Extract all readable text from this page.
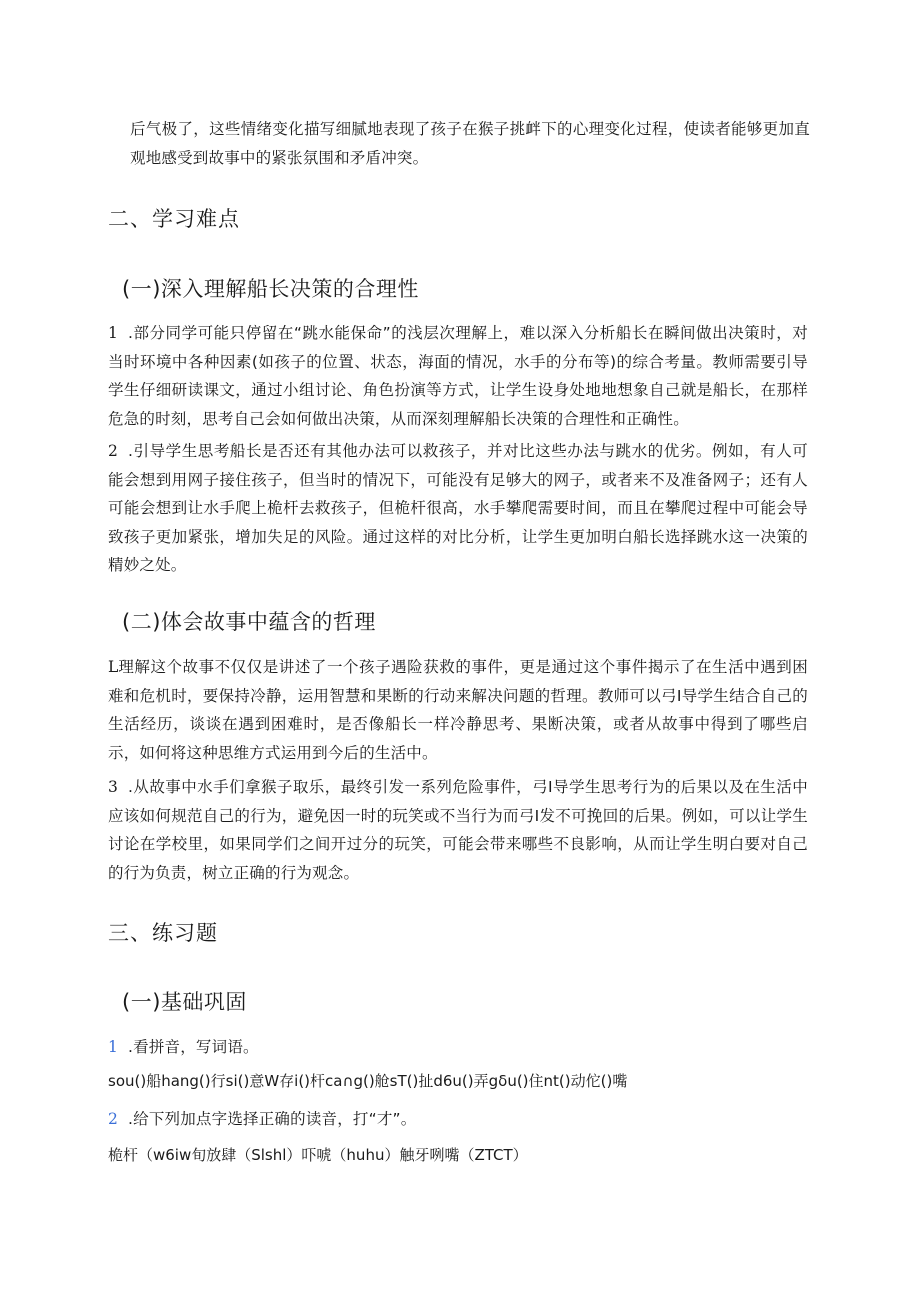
后气极了，这些情绪变化描写细腻地表现了孩子在猴子挑衅下的心理变化过程，使读者能够更加直观地感受到故事中的紧张氛围和矛盾冲突。
二、学习难点
(一)深入理解船长决策的合理性
1 .部分同学可能只停留在“跳水能保命”的浅层次理解上，难以深入分析船长在瞬间做出决策时，对当时环境中各种因素(如孩子的位置、状态，海面的情况，水手的分布等)的综合考量。教师需要引导学生仔细研读课文，通过小组讨论、角色扮演等方式，让学生设身处地地想象自己就是船长，在那样危急的时刻，思考自己会如何做出决策，从而深刻理解船长决策的合理性和正确性。
2 .引导学生思考船长是否还有其他办法可以救孩子，并对比这些办法与跳水的优劣。例如，有人可能会想到用网子接住孩子，但当时的情况下，可能没有足够大的网子，或者来不及准备网子；还有人可能会想到让水手爬上桅杆去救孩子，但桅杆很高，水手攀爬需要时间，而且在攀爬过程中可能会导致孩子更加紧张，增加失足的风险。通过这样的对比分析，让学生更加明白船长选择跳水这一决策的精妙之处。
(二)体会故事中蕴含的哲理
L理解这个故事不仅仅是讲述了一个孩子遇险获救的事件，更是通过这个事件揭示了在生活中遇到困难和危机时，要保持冷静，运用智慧和果断的行动来解决问题的哲理。教师可以弓I导学生结合自己的生活经历，谈谈在遇到困难时，是否像船长一样冷静思考、果断决策，或者从故事中得到了哪些启示，如何将这种思维方式运用到今后的生活中。
3 .从故事中水手们拿猴子取乐，最终引发一系列危险事件，弓I导学生思考行为的后果以及在生活中应该如何规范自己的行为，避免因一时的玩笑或不当行为而弓I发不可挽回的后果。例如，可以让学生讨论在学校里，如果同学们之间开过分的玩笑，可能会带来哪些不良影响，从而让学生明白要对自己的行为负责，树立正确的行为观念。
三、练习题
(一)基础巩固
1 .看拼音，写词语。
sou()船hang()行si()意W存i()杆ca∩g()舱sT()扯d6u()弄gδu()住nt()动佗()嘴
2 .给下列加点字选择正确的读音，打“才”。
桅杆（w6iw旬放肆（Slshl）吓唬（huhu）触牙咧嘴（ZTCT）
